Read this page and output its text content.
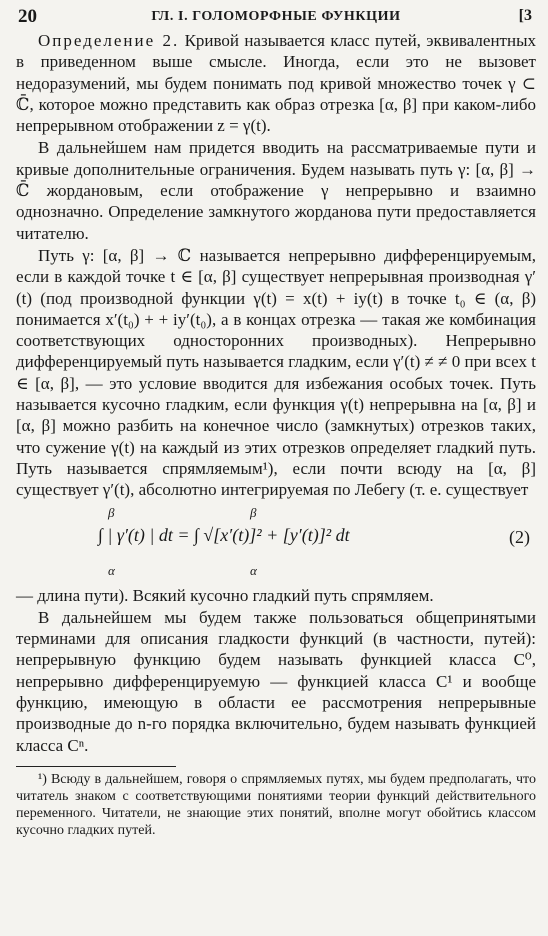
20	ГЛ. I. ГОЛОМОРФНЫЕ ФУНКЦИИ	[3

Определение 2. Кривой называется класс путей, эквивалентных в приведенном выше смысле. Иногда, если это не вызовет недоразумений, мы будем понимать под кривой множество точек γ ⊂ ℂ̄, которое можно представить как образ отрезка [α, β] при каком-либо непрерывном отображении z = γ(t).

В дальнейшем нам придется вводить на рассматриваемые пути и кривые дополнительные ограничения. Будем называть путь γ: [α, β] → ℂ̄ жордановым, если отображение γ непрерывно и взаимно однозначно. Определение замкнутого жорданова пути предоставляется читателю.

Путь γ: [α, β] → ℂ называется непрерывно дифференцируемым, если в каждой точке t ∈ [α, β] существует непрерывная производная γ′(t) (под производной функции γ(t) = x(t) + iy(t) в точке t₀ ∈ (α, β) понимается x′(t₀) + + iy′(t₀), а в концах отрезка — такая же комбинация соответствующих односторонних производных). Непрерывно дифференцируемый путь называется гладким, если γ′(t) ≠ ≠ 0 при всех t ∈ [α, β], — это условие вводится для избежания особых точек. Путь называется кусочно гладким, если функция γ(t) непрерывна на [α, β] и [α, β] можно разбить на конечное число (замкнутых) отрезков таких, что сужение γ(t) на каждый из этих отрезков определяет гладкий путь. Путь называется спрямляемым¹), если почти всюду на [α, β] существует γ′(t), абсолютно интегрируемая по Лебегу (т. е. существует

β
α
β
α
∫ | γ′(t) | dt = ∫ √[x′(t)]² + [y′(t)]² dt	(2)

— длина пути). Всякий кусочно гладкий путь спрямляем.

В дальнейшем мы будем также пользоваться общепринятыми терминами для описания гладкости функций (в частности, путей): непрерывную функцию будем называть функцией класса C⁰, непрерывно дифференцируемую — функцией класса C¹ и вообще функцию, имеющую в области ее рассмотрения непрерывные производные до n-го порядка включительно, будем называть функцией класса Cⁿ.

¹) Всюду в дальнейшем, говоря о спрямляемых путях, мы будем предполагать, что читатель знаком с соответствующими понятиями теории функций действительного переменного. Читатели, не знающие этих понятий, вполне могут обойтись классом кусочно гладких путей.
